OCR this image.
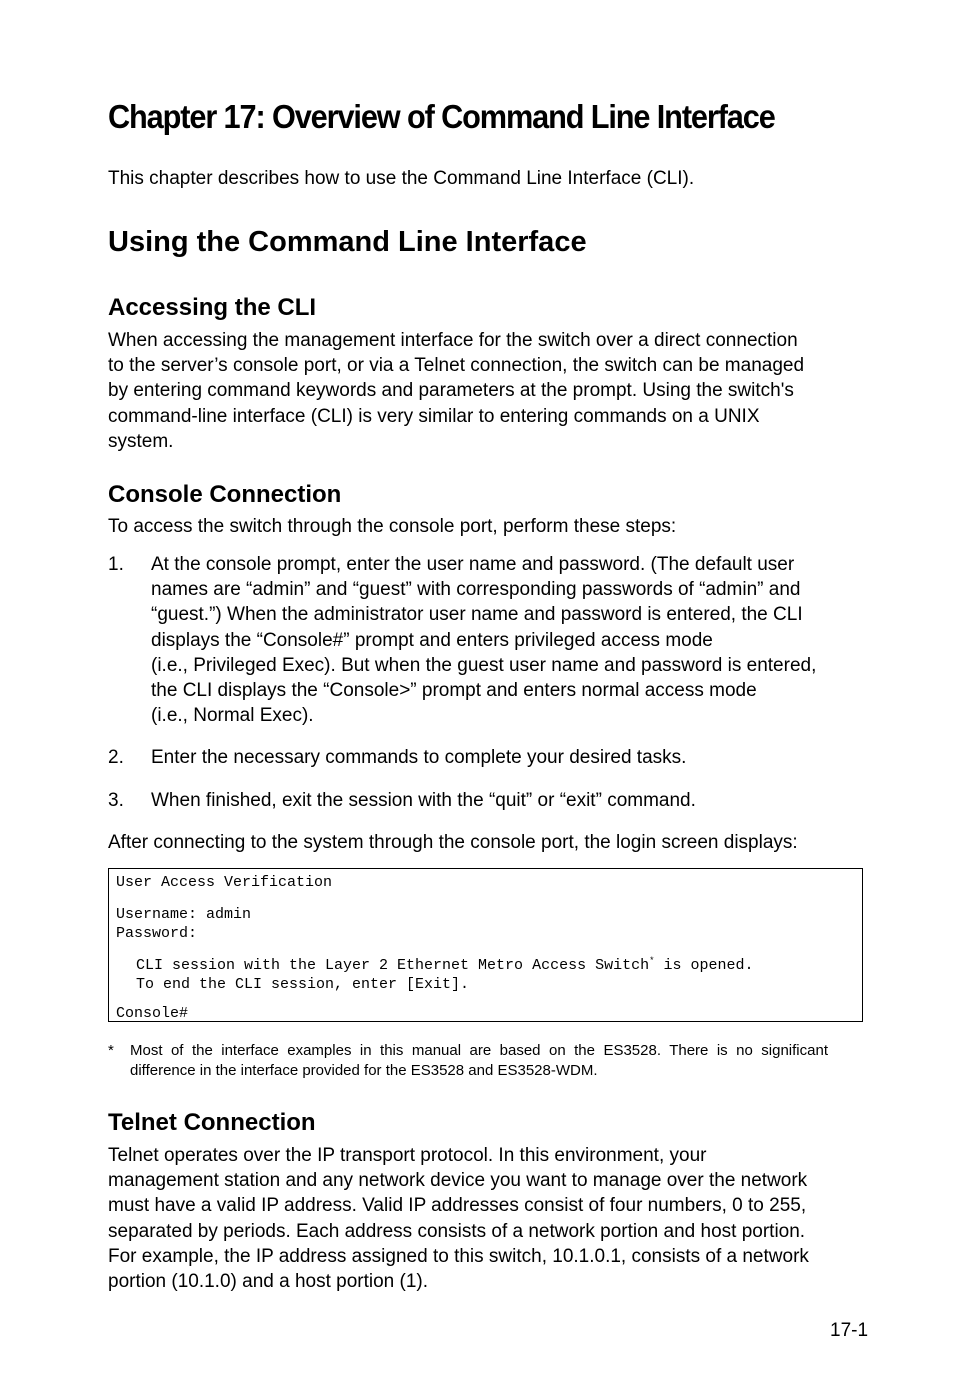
Chapter 17: Overview of Command Line Interface

This chapter describes how to use the Command Line Interface (CLI).

Using the Command Line Interface
Accessing the CLI

When accessing the management interface for the switch over a direct connection
to the server’s console port, or via a Telnet connection, the switch can be managed
by entering command keywords and parameters at the prompt. Using the switch's
command-line interface (CLI) is very similar to entering commands on a UNIX
system.

Console Connection

To access the switch through the console port, perform these steps:

1. At the console prompt, enter the user name and password. (The default user
names are “admin” and “guest” with corresponding passwords of “admin” and
“guest.”) When the administrator user name and password is entered, the CLI
displays the “Console#” prompt and enters privileged access mode
(i.e., Privileged Exec). But when the guest user name and password is entered,
the CLI displays the “Console>” prompt and enters normal access mode
(i.e., Normal Exec).
2. Enter the necessary commands to complete your desired tasks.
3. When finished, exit the session with the “quit” or “exit” command.

After connecting to the system through the console port, the login screen displays:

User Access Verification
Username: admin
Password:
CLI session with the Layer 2 Ethernet Metro Access Switch* is opened.
To end the CLI session, enter [Exit].
Console#
* Most of the interface examples in this manual are based on the ES3528. There is no significant difference in the interface provided for the ES3528 and ES3528-WDM.

Telnet Connection

Telnet operates over the IP transport protocol. In this environment, your
management station and any network device you want to manage over the network
must have a valid IP address. Valid IP addresses consist of four numbers, 0 to 255,
separated by periods. Each address consists of a network portion and host portion.
For example, the IP address assigned to this switch, 10.1.0.1, consists of a network
portion (10.1.0) and a host portion (1).

17-1
